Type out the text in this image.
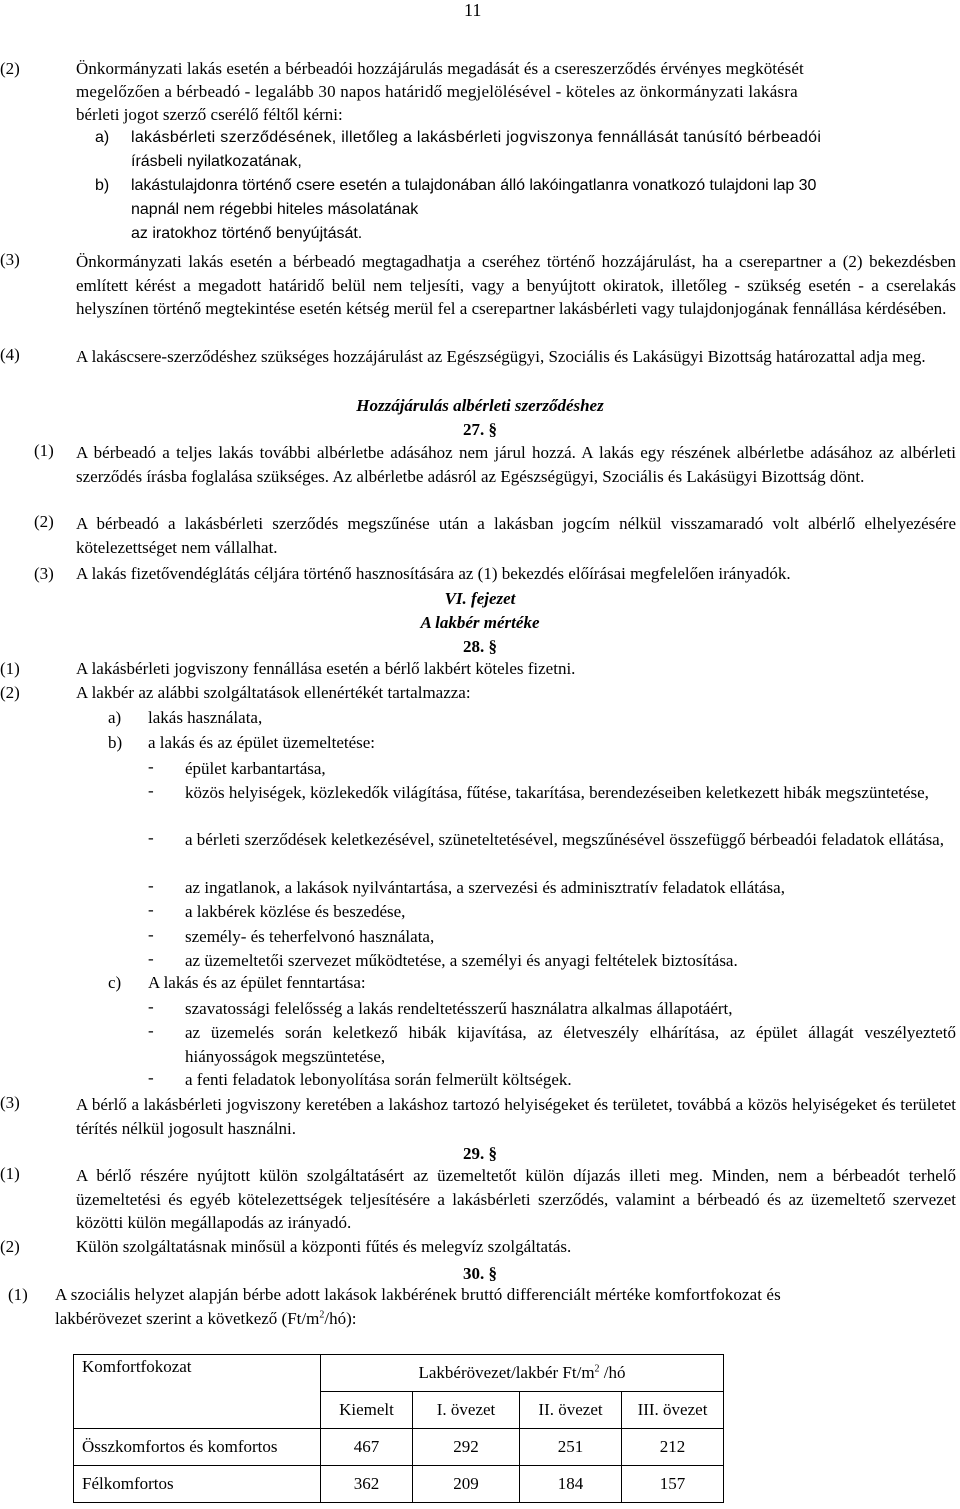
11
(2)	Önkormányzati lakás esetén a bérbeadói hozzájárulás megadását és a csereszerződés érvényes megkötését
megelőzően a bérbeadó - legalább 30 napos határidő megjelölésével - köteles az önkormányzati lakásra
bérleti jogot szerző cserélő féltől kérni:
a) lakásbérleti szerződésének, illetőleg a lakásbérleti jogviszonya fennállását tanúsító bérbeadói
írásbeli nyilatkozatának,
b) lakástulajdonra történő csere esetén a tulajdonában álló lakóingatlanra vonatkozó tulajdoni lap 30
napnál nem régebbi hiteles másolatának
az iratokhoz történő benyújtását.
(3)	Önkormányzati lakás esetén a bérbeadó megtagadhatja a cseréhez történő hozzájárulást, ha a cserepartner a (2) bekezdésben említett kérést a megadott határidő belül nem teljesíti, vagy a benyújtott okiratok, illetőleg - szükség esetén - a cserelakás helyszínen történő megtekintése esetén kétség merül fel a cserepartner lakásbérleti vagy tulajdonjogának fennállása kérdésében.
(4)	A lakáscsere-szerződéshez szükséges hozzájárulást az Egészségügyi, Szociális és Lakásügyi Bizottság határozattal adja meg.
Hozzájárulás albérleti szerződéshez
27. §
(1) A bérbeadó a teljes lakás további albérletbe adásához nem járul hozzá. A lakás egy részének albérletbe adásához az albérleti szerződés írásba foglalása szükséges. Az albérletbe adásról az Egészségügyi, Szociális és Lakásügyi Bizottság dönt.
(2) A bérbeadó a lakásbérleti szerződés megszűnése után a lakásban jogcím nélkül visszamaradó volt albérlő elhelyezésére kötelezettséget nem vállalhat.
(3) A lakás fizetővendéglátás céljára történő hasznosítására az (1) bekezdés előírásai megfelelően irányadók.
VI. fejezet
A lakbér mértéke
28. §
(1)	A lakásbérleti jogviszony fennállása esetén a bérlő lakbért köteles fizetni.
(2)	A lakbér az alábbi szolgáltatások ellenértékét tartalmazza:
a) lakás használata,
b) a lakás és az épület üzemeltetése:
- épület karbantartása,
- közös helyiségek, közlekedők világítása, fűtése, takarítása, berendezéseiben keletkezett hibák megszüntetése,
- a bérleti szerződések keletkezésével, szüneteltetésével, megszűnésével összefüggő bérbeadói feladatok ellátása,
- az ingatlanok, a lakások nyilvántartása, a szervezési és adminisztratív feladatok ellátása,
- a lakbérek közlése és beszedése,
- személy- és teherfelvonó használata,
- az üzemeltetői szervezet működtetése, a személyi és anyagi feltételek biztosítása.
c) A lakás és az épület fenntartása:
- szavatossági felelősség a lakás rendeltetésszerű használatra alkalmas állapotáért,
- az üzemelés során keletkező hibák kijavítása, az életveszély elhárítása, az épület állagát veszélyeztető hiányosságok megszüntetése,
- a fenti feladatok lebonyolítása során felmerült költségek.
(3)	A bérlő a lakásbérleti jogviszony keretében a lakáshoz tartozó helyiségeket és területet, továbbá a közös helyiségeket és területet térítés nélkül jogosult használni.
29. §
(1)	A bérlő részére nyújtott külön szolgáltatásért az üzemeltetőt külön díjazás illeti meg. Minden, nem a bérbeadót terhelő üzemeltetési és egyéb kötelezettségek teljesítésére a lakásbérleti szerződés, valamint a bérbeadó és az üzemeltető szervezet közötti külön megállapodás az irányadó.
(2)	Külön szolgáltatásnak minősül a központi fűtés és melegvíz szolgáltatás.
30. §
(1) A szociális helyzet alapján bérbe adott lakások lakbérének bruttó differenciált mértéke komfortfokozat és
lakbérövezet szerint a következő $(Ft/m^2/hó)$:
Komfortfokozat	Lakbérövezet/lakbér $Ft/m^2$ /hó			
	Kiemelt	I. övezet	II. övezet	III. övezet
Összkomfortos és komfortos	467	292	251	212
Félkomfortos	362	209	184	157
